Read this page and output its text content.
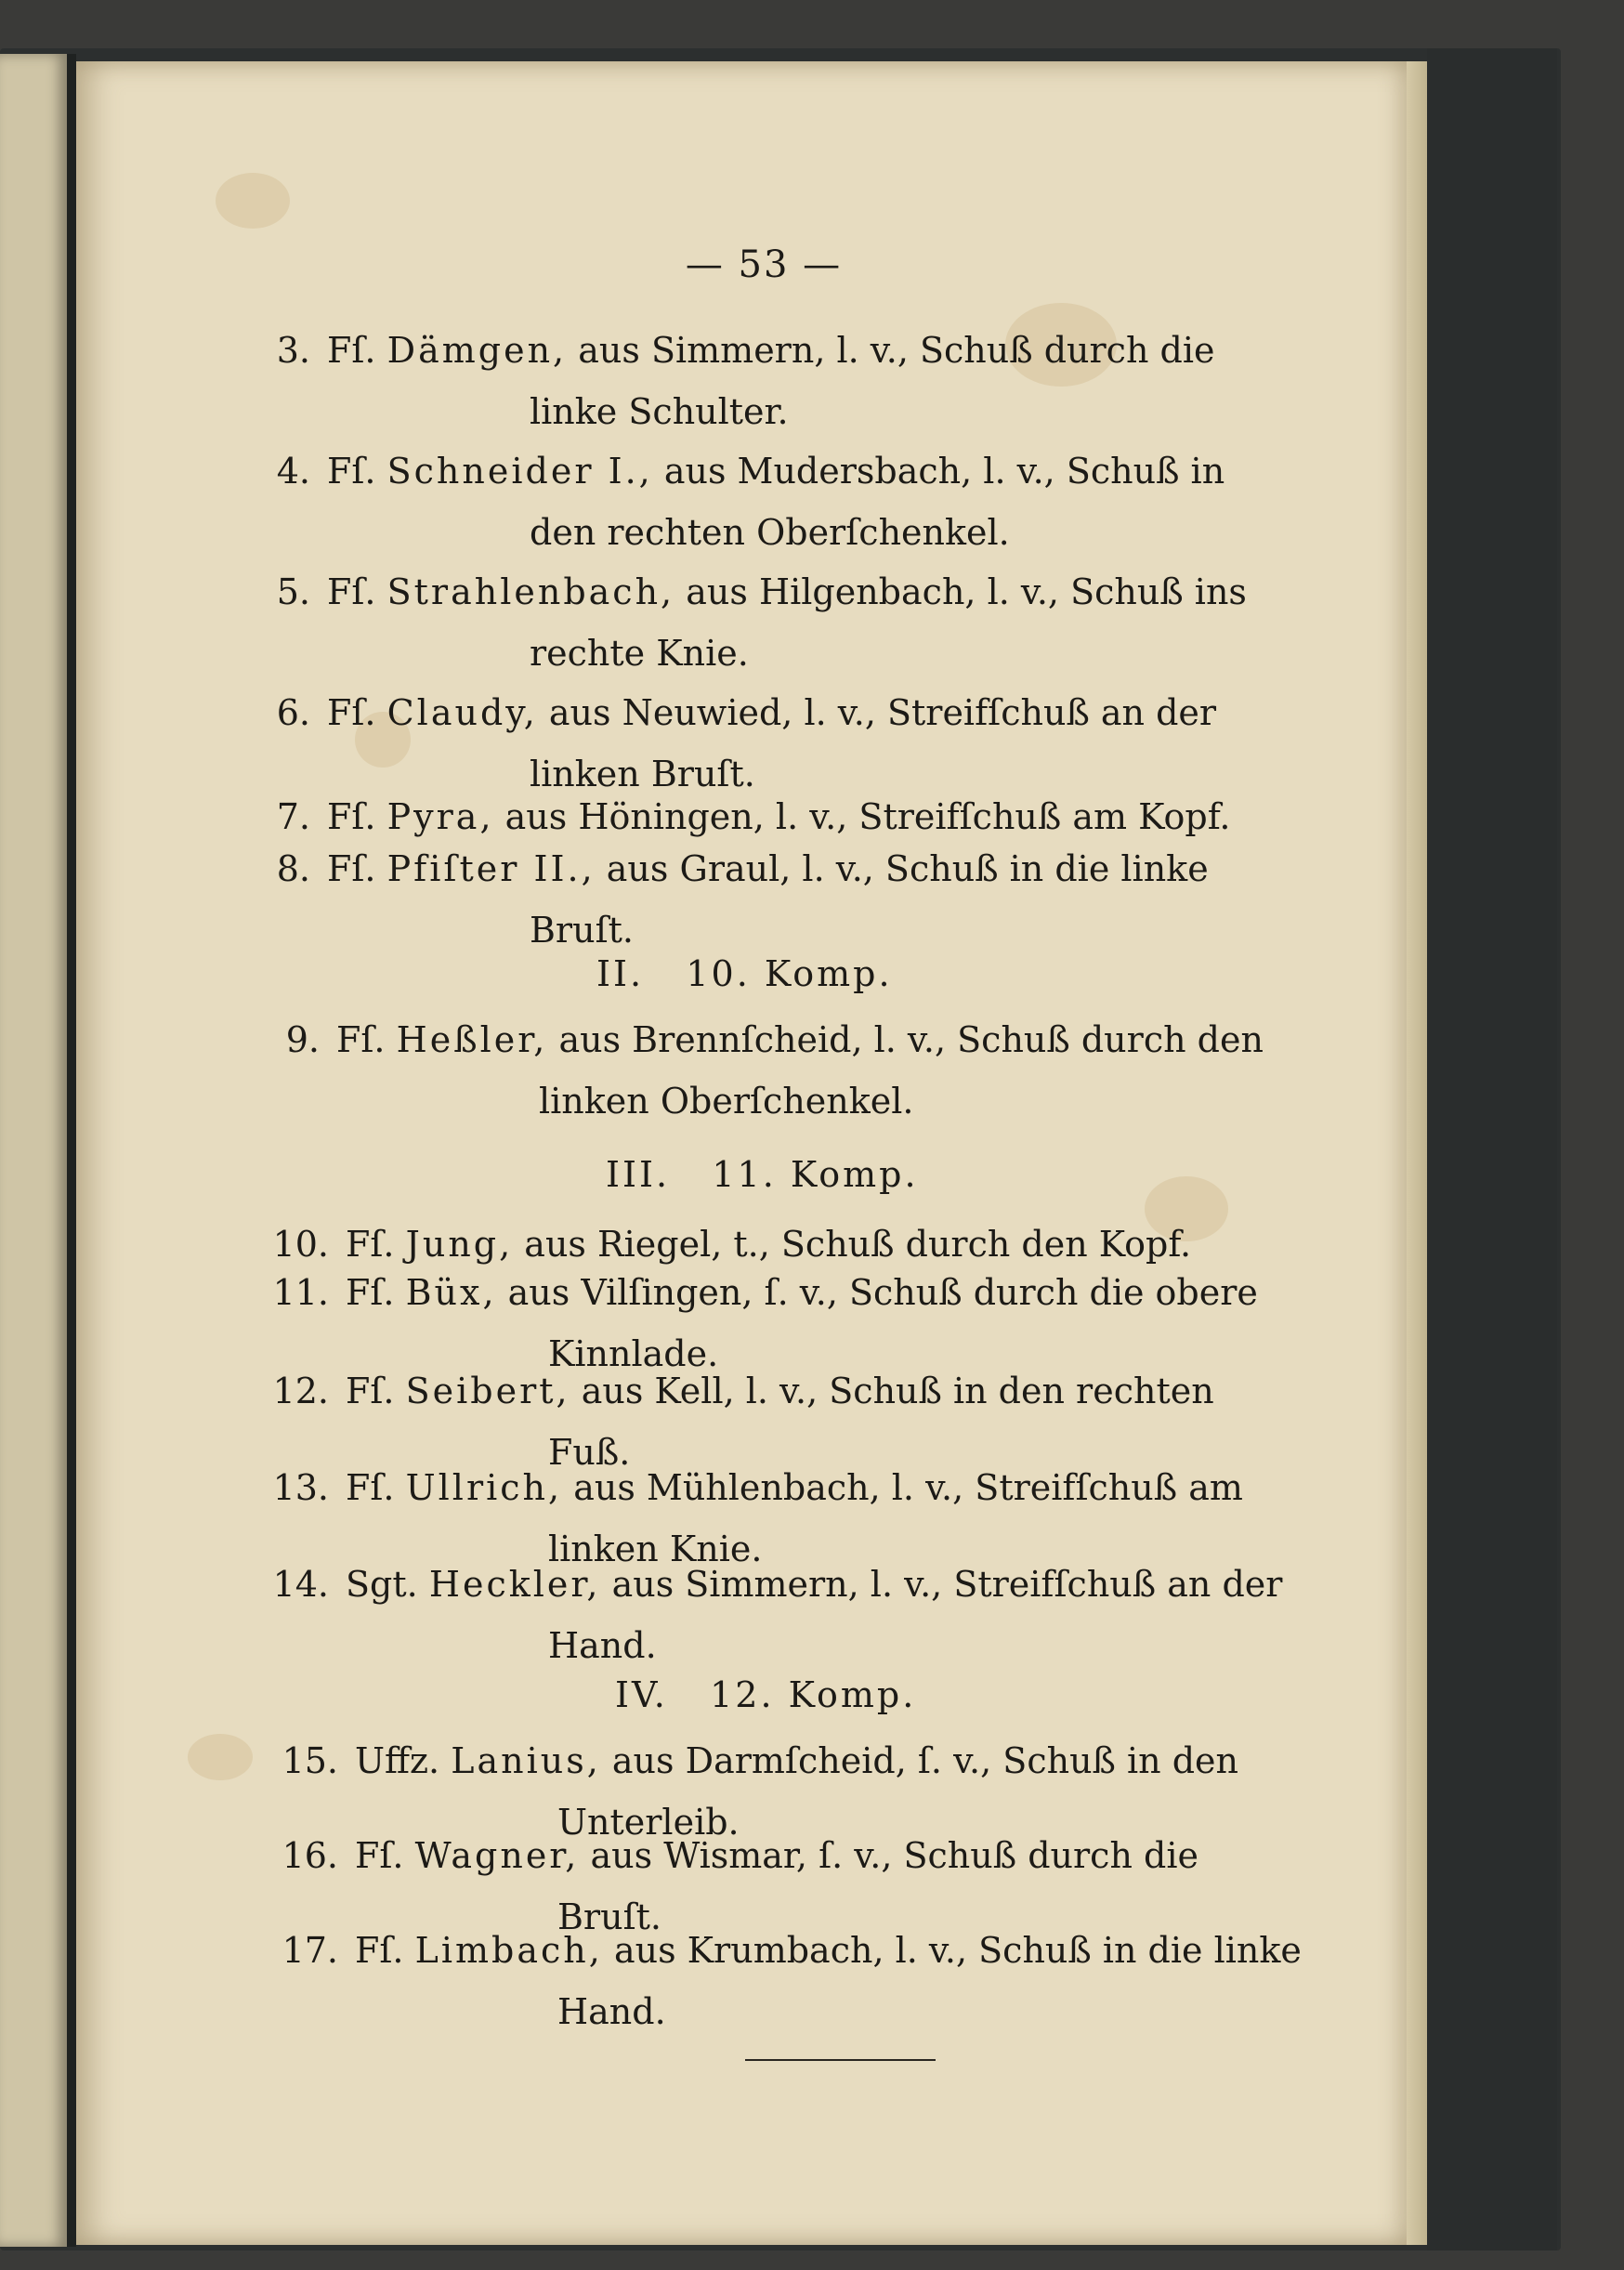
— 53 —
3. Fſ. Dämgen, aus Simmern, l. v., Schuß durch die
linke Schulter.
4. Fſ. Schneider I., aus Mudersbach, l. v., Schuß in
den rechten Oberſchenkel.
5. Fſ. Strahlenbach, aus Hilgenbach, l. v., Schuß ins
rechte Knie.
6. Fſ. Claudy, aus Neuwied, l. v., Streifſchuß an der
linken Bruſt.
7. Fſ. Pyra, aus Höningen, l. v., Streifſchuß am Kopf.
8. Fſ. Pfiſter II., aus Graul, l. v., Schuß in die linke
Bruſt.
II.   10. Komp.
9. Fſ. Heßler, aus Brennſcheid, l. v., Schuß durch den
linken Oberſchenkel.
III.   11. Komp.
10. Fſ. Jung, aus Riegel, t., Schuß durch den Kopf.
11. Fſ. Büx, aus Vilſingen, ſ. v., Schuß durch die obere
Kinnlade.
12. Fſ. Seibert, aus Kell, l. v., Schuß in den rechten
Fuß.
13. Fſ. Ullrich, aus Mühlenbach, l. v., Streifſchuß am
linken Knie.
14. Sgt. Heckler, aus Simmern, l. v., Streifſchuß an der
Hand.
IV.   12. Komp.
15. Uffz. Lanius, aus Darmſcheid, ſ. v., Schuß in den
Unterleib.
16. Fſ. Wagner, aus Wismar, ſ. v., Schuß durch die
Bruſt.
17. Fſ. Limbach, aus Krumbach, l. v., Schuß in die linke
Hand.
